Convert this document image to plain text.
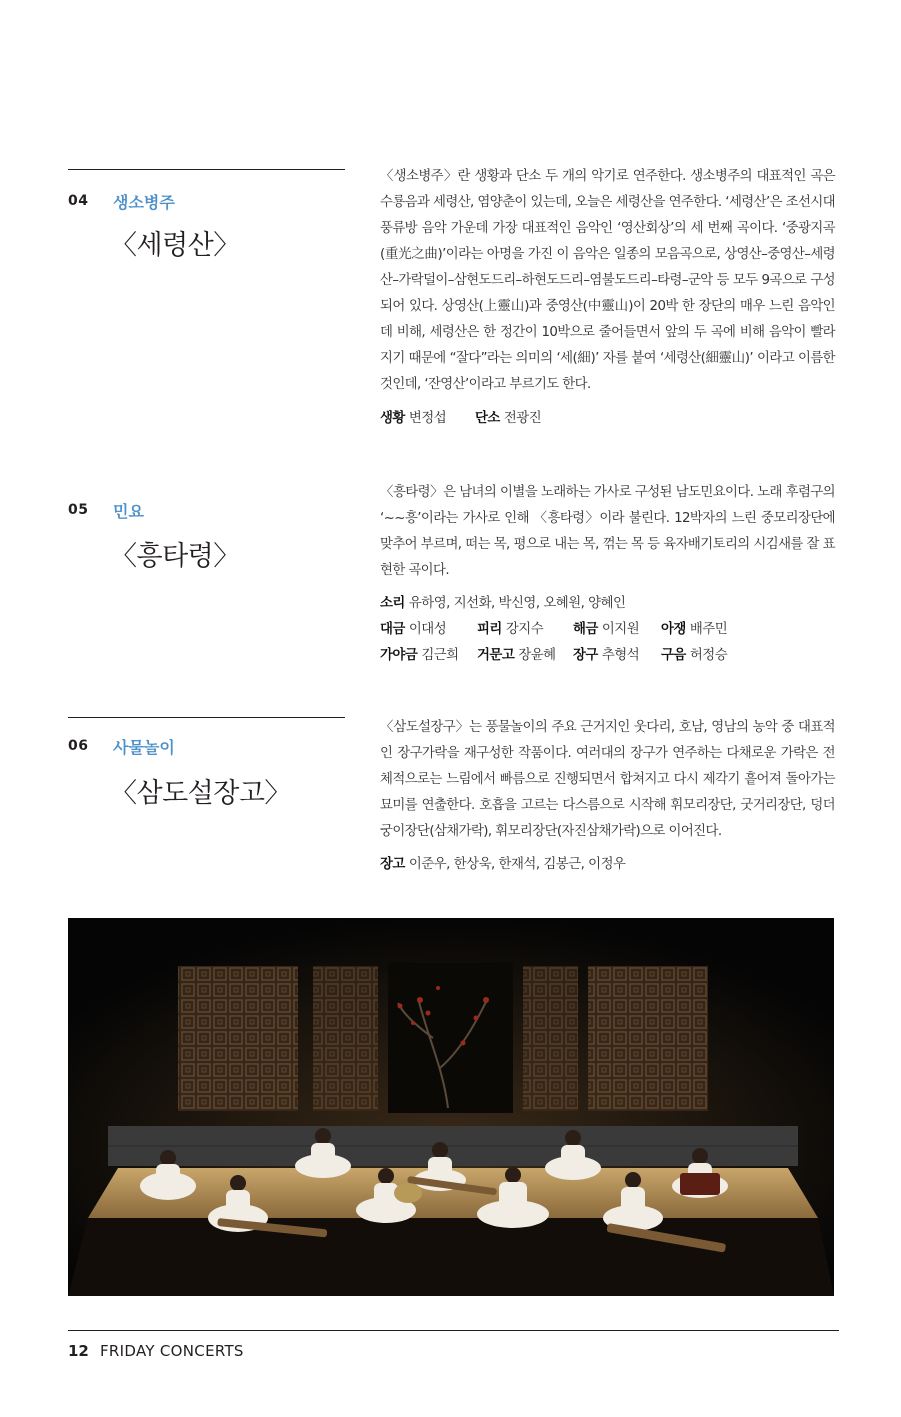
04 생소병주
〈세령산〉
〈생소병주〉란 생황과 단소 두 개의 악기로 연주한다. 생소병주의 대표적인 곡은 수룡음과 세령산, 염양춘이 있는데, 오늘은 세령산을 연주한다. ‘세령산’은 조선시대 풍류방 음악 가운데 가장 대표적인 음악인 ‘영산회상’의 세 번째 곡이다. ‘중광지곡(重光之曲)’이라는 아명을 가진 이 음악은 일종의 모음곡으로, 상영산–중영산–세령산–가락덜이–삼현도드리–하현도드리–염불도드리–타령–군악 등 모두 9곡으로 구성되어 있다. 상영산(上靈山)과 중영산(中靈山)이 20박 한 장단의 매우 느린 음악인 데 비해, 세령산은 한 정간이 10박으로 줄어들면서 앞의 두 곡에 비해 음악이 빨라지기 때문에 “잘다”라는 의미의 ‘세(細)’ 자를 붙여 ‘세령산(細靈山)’ 이라고 이름한 것인데, ‘잔영산’이라고 부르기도 한다.
생황 변정섭 단소 전광진
05 민요
〈흥타령〉
〈흥타령〉은 남녀의 이별을 노래하는 가사로 구성된 남도민요이다. 노래 후렴구의 ‘~~흥’이라는 가사로 인해 〈흥타령〉이라 불린다. 12박자의 느린 중모리장단에 맞추어 부르며, 떠는 목, 평으로 내는 목, 꺾는 목 등 육자배기토리의 시김새를 잘 표현한 곡이다.
소리 유하영, 지선화, 박신영, 오혜원, 양혜인
대금 이대성 피리 강지수 해금 이지원 아쟁 배주민
가야금 김근희 거문고 장윤혜 장구 추형석 구음 허정승
06 사물놀이
〈삼도설장고〉
〈삼도설장구〉는 풍물놀이의 주요 근거지인 웃다리, 호남, 영남의 농악 중 대표적인 장구가락을 재구성한 작품이다. 여러대의 장구가 연주하는 다채로운 가락은 전체적으로는 느림에서 빠름으로 진행되면서 합쳐지고 다시 제각기 흩어져 돌아가는 묘미를 연출한다. 호흡을 고르는 다스름으로 시작해 휘모리장단, 굿거리장단, 덩더궁이장단(삼채가락), 휘모리장단(자진삼채가락)으로 이어진다.
장고 이준우, 한상욱, 한재석, 김봉근, 이정우
12 FRIDAY CONCERTS
